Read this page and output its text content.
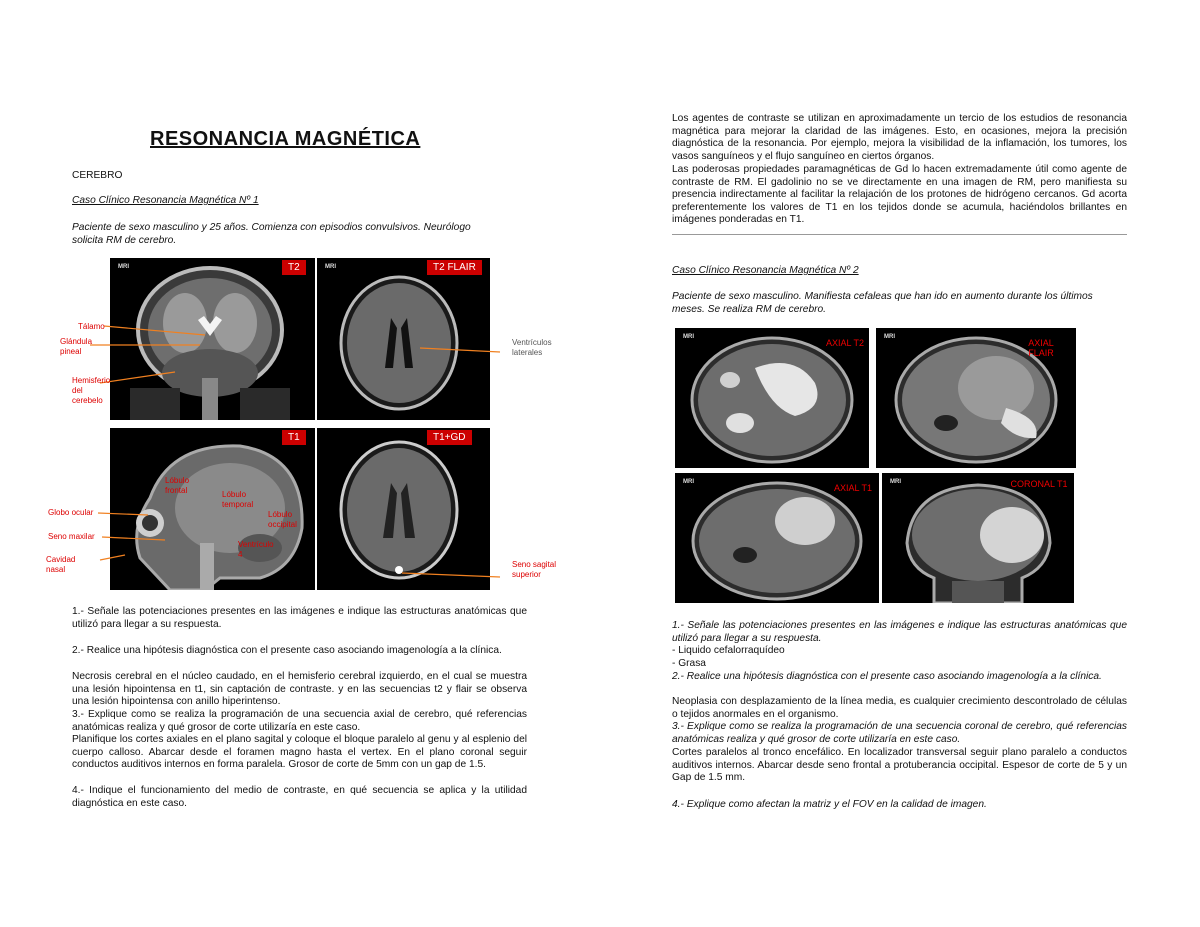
RESONANCIA MAGNÉTICA
CEREBRO
Caso Clínico Resonancia Magnética Nº 1
Paciente de sexo masculino y 25 años. Comienza con episodios convulsivos. Neurólogo solicita RM de cerebro.
MRI	T2	MRI	T2 FLAIR
T1
Lóbulo frontal	Lóbulo temporal
Lóbulo occipital
Ventrículo 4
T1+GD
Tálamo
Glándula pineal
Hemisferio del cerebelo
Ventrículos laterales
Globo ocular
Seno maxilar
Cavidad nasal
Seno sagital superior
1.- Señale las potenciaciones presentes en las imágenes e indique las estructuras anatómicas que utilizó para llegar a su respuesta.
2.- Realice una hipótesis diagnóstica con el presente caso asociando imagenología a la clínica.
Necrosis cerebral en el núcleo caudado, en el hemisferio cerebral izquierdo, en el cual se muestra una lesión hipointensa en t1, sin captación de contraste. y en las secuencias t2 y flair se observa una lesión hipointensa con anillo hiperintenso.
3.- Explique como se realiza la programación de una secuencia axial de cerebro, qué referencias anatómicas realiza y qué grosor de corte utilizaría en este caso.
Planifique los cortes axiales en el plano sagital y coloque el bloque paralelo al genu y al esplenio del cuerpo calloso. Abarcar desde el foramen magno hasta el vertex. En el plano coronal seguir conductos auditivos internos en forma paralela. Grosor de corte de 5mm con un gap de 1.5.
4.- Indique el funcionamiento del medio de contraste, en qué secuencia se aplica y la utilidad diagnóstica en este caso.
Los agentes de contraste se utilizan en aproximadamente un tercio de los estudios de resonancia magnética para mejorar la claridad de las imágenes. Esto, en ocasiones, mejora la precisión diagnóstica de la resonancia. Por ejemplo, mejora la visibilidad de la inflamación, los tumores, los vasos sanguíneos y el flujo sanguíneo en ciertos órganos.
Las poderosas propiedades paramagnéticas de Gd lo hacen extremadamente útil como agente de contraste de RM. El gadolinio no se ve directamente en una imagen de RM, pero manifiesta su presencia indirectamente al facilitar la relajación de los protones de hidrógeno cercanos. Gd acorta preferentemente los valores de T1 en los tejidos donde se acumula, haciéndolos brillantes en imágenes ponderadas en T1.
Caso Clínico Resonancia Magnética Nº 2
Paciente de sexo masculino. Manifiesta cefaleas que han ido en aumento durante los últimos meses. Se realiza RM de cerebro.
MRI
AXIAL T2
MRI
AXIAL FLAIR
MRI
AXIAL T1
MRI	CORONAL T1
1.- Señale las potenciaciones presentes en las imágenes e indique las estructuras anatómicas que utilizó para llegar a su respuesta.
- Liquido cefalorraquídeo
- Grasa
2.- Realice una hipótesis diagnóstica con el presente caso asociando imagenología a la clínica.
Neoplasia con desplazamiento de la línea media, es cualquier crecimiento descontrolado de células o tejidos anormales en el organismo.
3.- Explique como se realiza la programación de una secuencia coronal de cerebro, qué referencias anatómicas realiza y qué grosor de corte utilizaría en este caso.
Cortes paralelos al tronco encefálico. En localizador transversal seguir plano paralelo a conductos auditivos internos. Abarcar desde seno frontal a protuberancia occipital. Espesor de corte de 5 y un Gap de 1.5 mm.
4.- Explique como afectan la matriz y el FOV en la calidad de imagen.
